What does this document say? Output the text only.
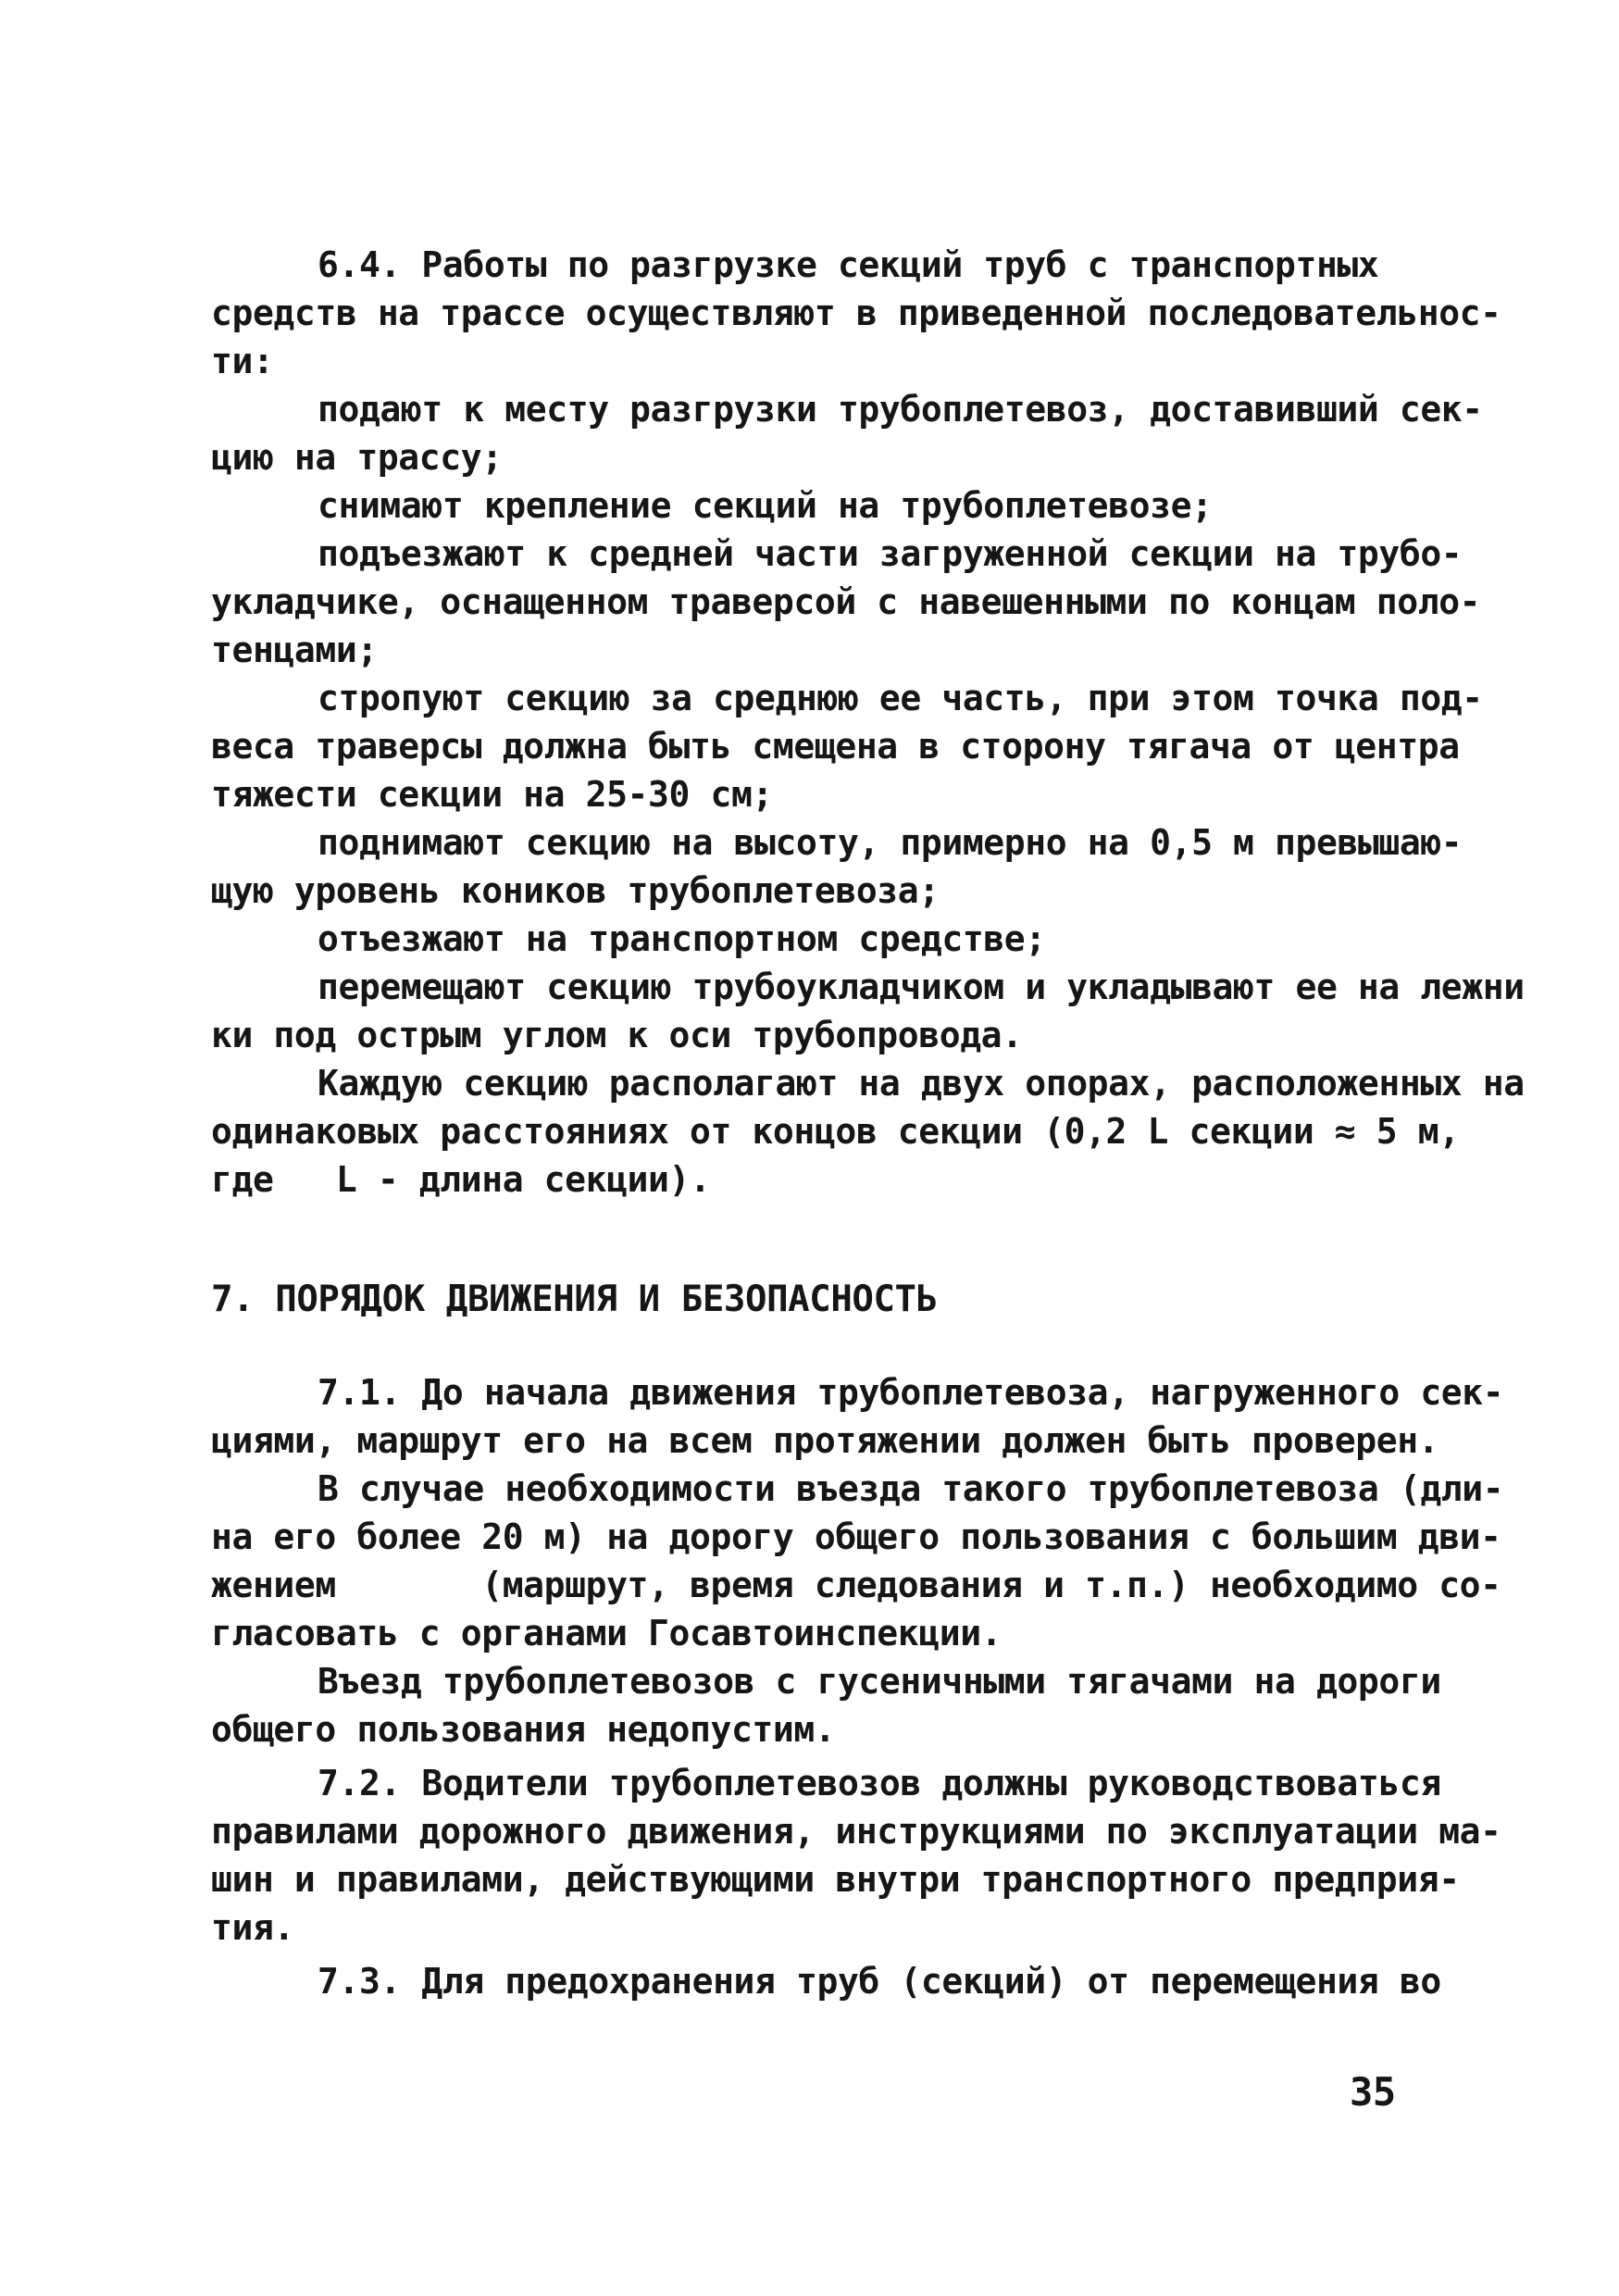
6.4. Работы по разгрузке секций труб с транспортных
средств на трассе осуществляют в приведенной последовательнос-
ти:
подают к месту разгрузки трубоплетевоз, доставивший сек-
цию на трассу;
снимают крепление секций на трубоплетевозе;
подъезжают к средней части загруженной секции на трубо-
укладчике, оснащенном траверсой с навешенными по концам поло-
тенцами;
стропуют секцию за среднюю ее часть, при этом точка под-
веса траверсы должна быть смещена в сторону тягача от центра
тяжести секции на 25-30 см;
поднимают секцию на высоту, примерно на 0,5 м превышаю-
щую уровень коников трубоплетевоза;
отъезжают на транспортном средстве;
перемещают секцию трубоукладчиком и укладывают ее на лежни
ки под острым углом к оси трубопровода.
Каждую секцию располагают на двух опорах, расположенных на
одинаковых расстояниях от концов секции (0,2 L секции ≈ 5 м,
где   L - длина секции).
7. ПОРЯДОК ДВИЖЕНИЯ И БЕЗОПАСНОСТЬ
7.1. До начала движения трубоплетевоза, нагруженного сек-
циями, маршрут его на всем протяжении должен быть проверен.
В случае необходимости въезда такого трубоплетевоза (дли-
на его более 20 м) на дорогу общего пользования с большим дви-
жением       (маршрут, время следования и т.п.) необходимо со-
гласовать с органами Госавтоинспекции.
Въезд трубоплетевозов с гусеничными тягачами на дороги
общего пользования недопустим.
7.2. Водители трубоплетевозов должны руководствоваться
правилами дорожного движения, инструкциями по эксплуатации ма-
шин и правилами, действующими внутри транспортного предприя-
тия.
7.3. Для предохранения труб (секций) от перемещения во
35
